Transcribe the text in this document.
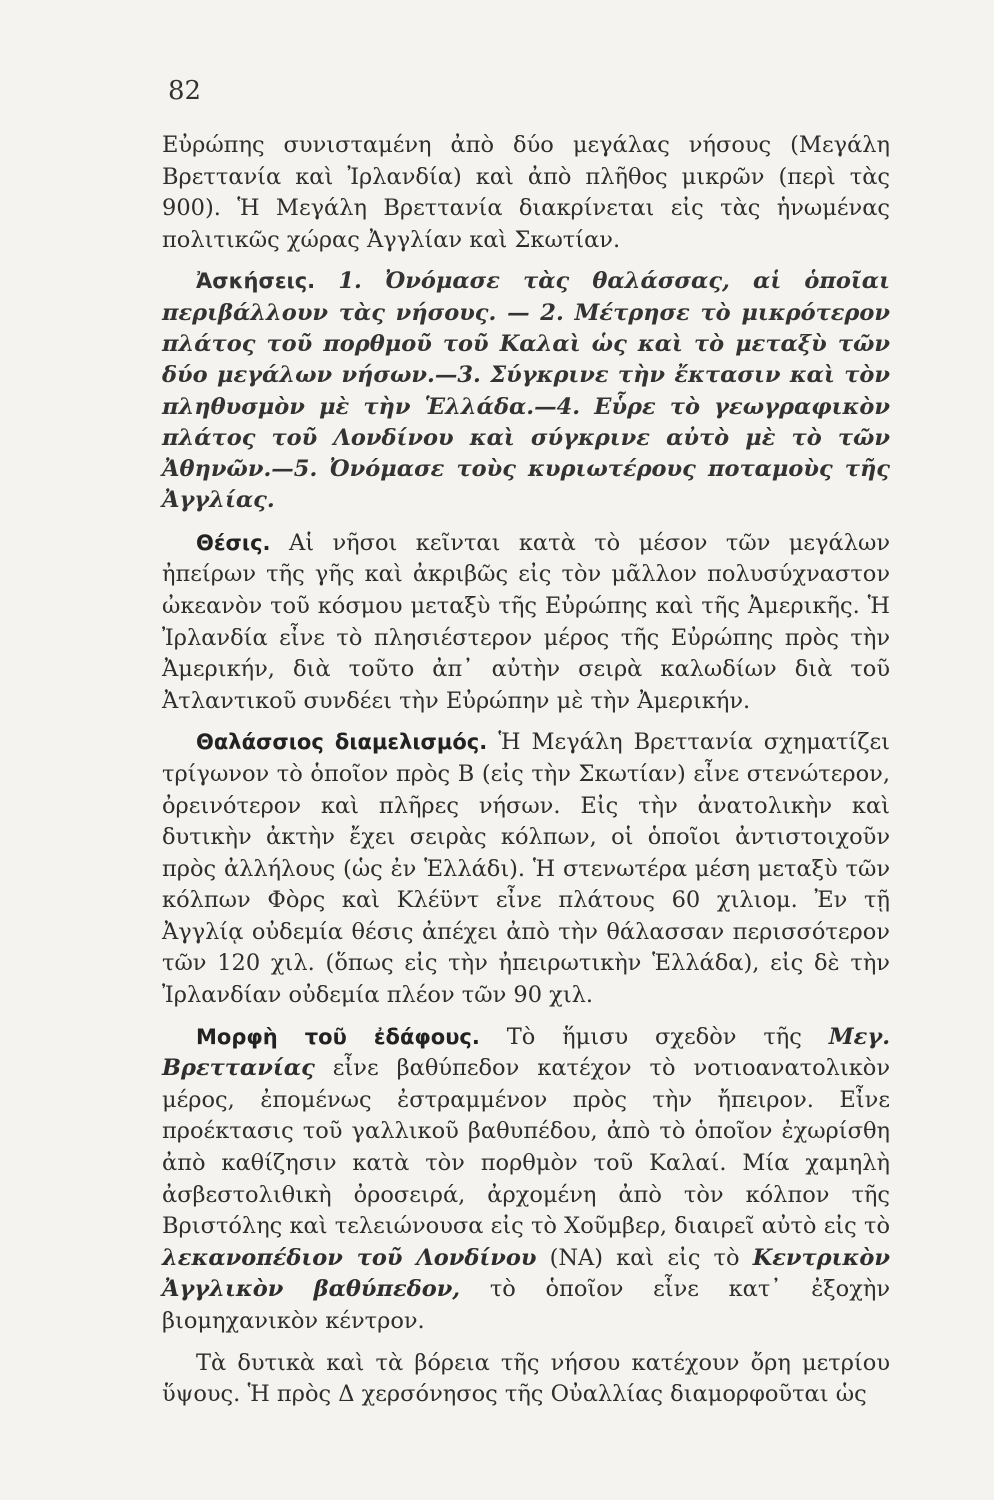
82

Εὐρώπης συνισταμένη ἀπὸ δύο μεγάλας νήσους (Μεγάλη Βρεττανία καὶ Ἰρλανδία) καὶ ἀπὸ πλῆθος μικρῶν (περὶ τὰς 900). Ἡ Μεγάλη Βρεττανία διακρίνεται εἰς τὰς ἡνωμένας πολιτικῶς χώρας Ἀγγλίαν καὶ Σκωτίαν.

Ἀσκήσεις. 1. Ὀνόμασε τὰς θαλάσσας, αἱ ὁποῖαι περιβάλλουν τὰς νήσους. — 2. Μέτρησε τὸ μικρότερον πλάτος τοῦ πορθμοῦ τοῦ Καλαὶ ὡς καὶ τὸ μεταξὺ τῶν δύο μεγάλων νήσων.—3. Σύγκρινε τὴν ἔκτασιν καὶ τὸν πληθυσμὸν μὲ τὴν Ἑλλάδα.—4. Εὗρε τὸ γεωγραφικὸν πλάτος τοῦ Λονδίνου καὶ σύγκρινε αὐτὸ μὲ τὸ τῶν Ἀθηνῶν.—5. Ὀνόμασε τοὺς κυριωτέρους ποταμοὺς τῆς Ἀγγλίας.

Θέσις. Αἱ νῆσοι κεῖνται κατὰ τὸ μέσον τῶν μεγάλων ἠπείρων τῆς γῆς καὶ ἀκριβῶς εἰς τὸν μᾶλλον πολυσύχναστον ὠκεανὸν τοῦ κόσμου μεταξὺ τῆς Εὐρώπης καὶ τῆς Ἀμερικῆς. Ἡ Ἰρλανδία εἶνε τὸ πλησιέστερον μέρος τῆς Εὐρώπης πρὸς τὴν Ἀμερικήν, διὰ τοῦτο ἀπ᾿ αὐτὴν σειρὰ καλωδίων διὰ τοῦ Ἀτλαντικοῦ συνδέει τὴν Εὐρώπην μὲ τὴν Ἀμερικήν.

Θαλάσσιος διαμελισμός. Ἡ Μεγάλη Βρεττανία σχηματίζει τρίγωνον τὸ ὁποῖον πρὸς Β (εἰς τὴν Σκωτίαν) εἶνε στενώτερον, ὀρεινότερον καὶ πλῆρες νήσων. Εἰς τὴν ἀνατολικὴν καὶ δυτικὴν ἀκτὴν ἔχει σειρὰς κόλπων, οἱ ὁποῖοι ἀντιστοιχοῦν πρὸς ἀλλήλους (ὡς ἐν Ἑλλάδι). Ἡ στενωτέρα μέση μεταξὺ τῶν κόλπων Φὸρς καὶ Κλέϋντ εἶνε πλάτους 60 χιλιομ. Ἐν τῇ Ἀγγλίᾳ οὐδεμία θέσις ἀπέχει ἀπὸ τὴν θάλασσαν περισσότερον τῶν 120 χιλ. (ὅπως εἰς τὴν ἠπειρωτικὴν Ἑλλάδα), εἰς δὲ τὴν Ἰρλανδίαν οὐδεμία πλέον τῶν 90 χιλ.

Μορφὴ τοῦ ἐδάφους. Τὸ ἥμισυ σχεδὸν τῆς Μεγ. Βρεττανίας εἶνε βαθύπεδον κατέχον τὸ νοτιοανατολικὸν μέρος, ἐπομένως ἐστραμμένον πρὸς τὴν ἤπειρον. Εἶνε προέκτασις τοῦ γαλλικοῦ βαθυπέδου, ἀπὸ τὸ ὁποῖον ἐχωρίσθη ἀπὸ καθίζησιν κατὰ τὸν πορθμὸν τοῦ Καλαί. Μία χαμηλὴ ἀσβεστολιθικὴ ὀροσειρά, ἀρχομένη ἀπὸ τὸν κόλπον τῆς Βριστόλης καὶ τελειώνουσα εἰς τὸ Χοῦμβερ, διαιρεῖ αὐτὸ εἰς τὸ λεκανοπέδιον τοῦ Λονδίνου (ΝΑ) καὶ εἰς τὸ Κεντρικὸν Ἀγγλικὸν βαθύπεδον, τὸ ὁποῖον εἶνε κατ᾿ ἐξοχὴν βιομηχανικὸν κέντρον.

Τὰ δυτικὰ καὶ τὰ βόρεια τῆς νήσου κατέχουν ὄρη μετρίου ὕψους. Ἡ πρὸς Δ χερσόνησος τῆς Οὐαλλίας διαμορφοῦται ὡς
